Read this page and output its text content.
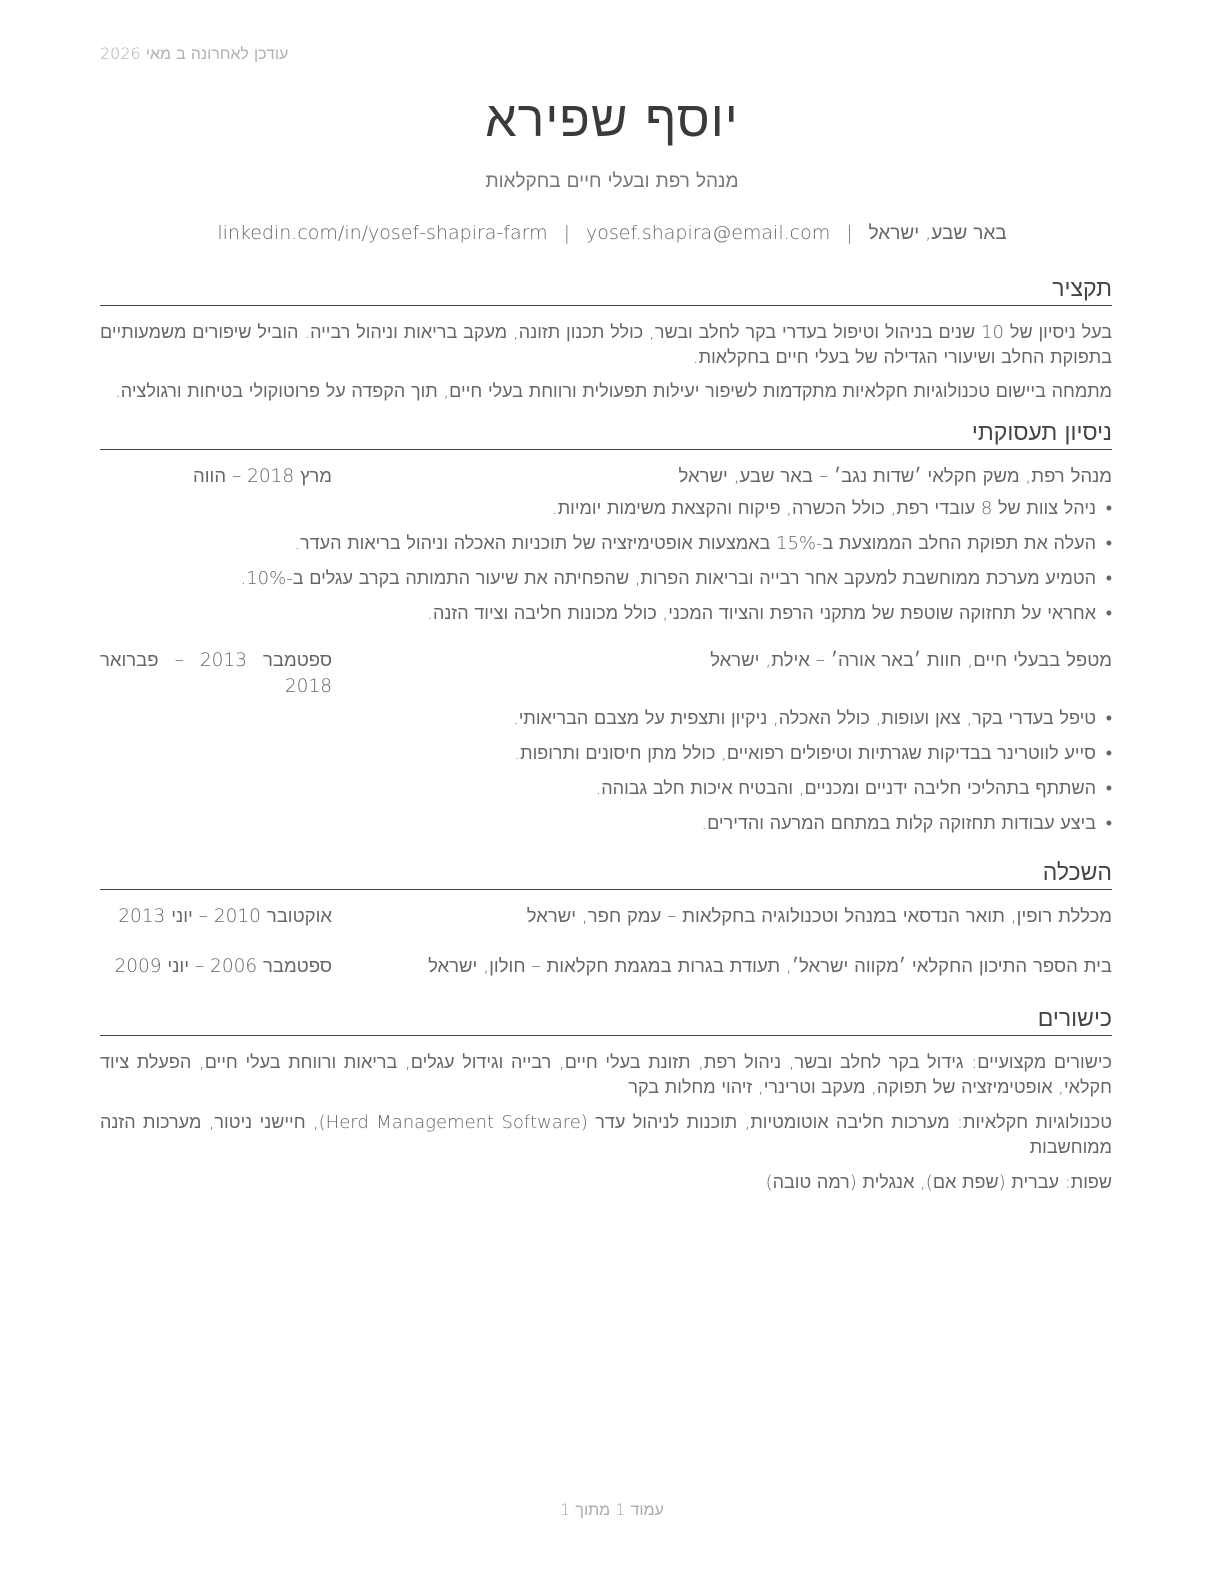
עודכן לאחרונה ב מאי 2026
יוסף שפירא
מנהל רפת ובעלי חיים בחקלאות
באר שבע, ישראל|yosef.shapira@email.com|linkedin.com/in/yosef-shapira-farm
תקציר

בעל ניסיון של 10 שנים בניהול וטיפול בעדרי בקר לחלב ובשר, כולל תכנון תזונה, מעקב בריאות וניהול רבייה. הוביל שיפורים משמעותיים בתפוקת החלב ושיעורי הגדילה של בעלי חיים בחקלאות.

מתמחה ביישום טכנולוגיות חקלאיות מתקדמות לשיפור יעילות תפעולית ורווחת בעלי חיים, תוך הקפדה על פרוטוקולי בטיחות ורגולציה.

ניסיון תעסוקתי
מנהל רפת, משק חקלאי ׳שדות נגב׳ – באר שבע, ישראל
מרץ 2018 – הווה
•
ניהל צוות של 8 עובדי רפת, כולל הכשרה, פיקוח והקצאת משימות יומיות.
•
העלה את תפוקת החלב הממוצעת ב-15% באמצעות אופטימיזציה של תוכניות האכלה וניהול בריאות העדר.
•
הטמיע מערכת ממוחשבת למעקב אחר רבייה ובריאות הפרות, שהפחיתה את שיעור התמותה בקרב עגלים ב-10%.
•
אחראי על תחזוקה שוטפת של מתקני הרפת והציוד המכני, כולל מכונות חליבה וציוד הזנה.
מטפל בבעלי חיים, חוות ׳באר אורה׳ – אילת, ישראל
ספטמבר 2013 – פברואר 2018
•
טיפל בעדרי בקר, צאן ועופות, כולל האכלה, ניקיון ותצפית על מצבם הבריאותי.
•
סייע לווטרינר בבדיקות שגרתיות וטיפולים רפואיים, כולל מתן חיסונים ותרופות.
•
השתתף בתהליכי חליבה ידניים ומכניים, והבטיח איכות חלב גבוהה.
•
ביצע עבודות תחזוקה קלות במתחם המרעה והדירים.
השכלה
מכללת רופין, תואר הנדסאי במנהל וטכנולוגיה בחקלאות – עמק חפר, ישראל
אוקטובר 2010 – יוני 2013
בית הספר התיכון החקלאי ׳מקווה ישראל׳, תעודת בגרות במגמת חקלאות – חולון, ישראל
ספטמבר 2006 – יוני 2009
כישורים

כישורים מקצועיים: גידול בקר לחלב ובשר, ניהול רפת, תזונת בעלי חיים, רבייה וגידול עגלים, בריאות ורווחת בעלי חיים, הפעלת ציוד חקלאי, אופטימיזציה של תפוקה, מעקב וטרינרי, זיהוי מחלות בקר

טכנולוגיות חקלאיות: מערכות חליבה אוטומטיות, תוכנות לניהול עדר (Herd Management Software), חיישני ניטור, מערכות הזנה ממוחשבות

שפות: עברית (שפת אם), אנגלית (רמה טובה)

עמוד 1 מתוך 1
